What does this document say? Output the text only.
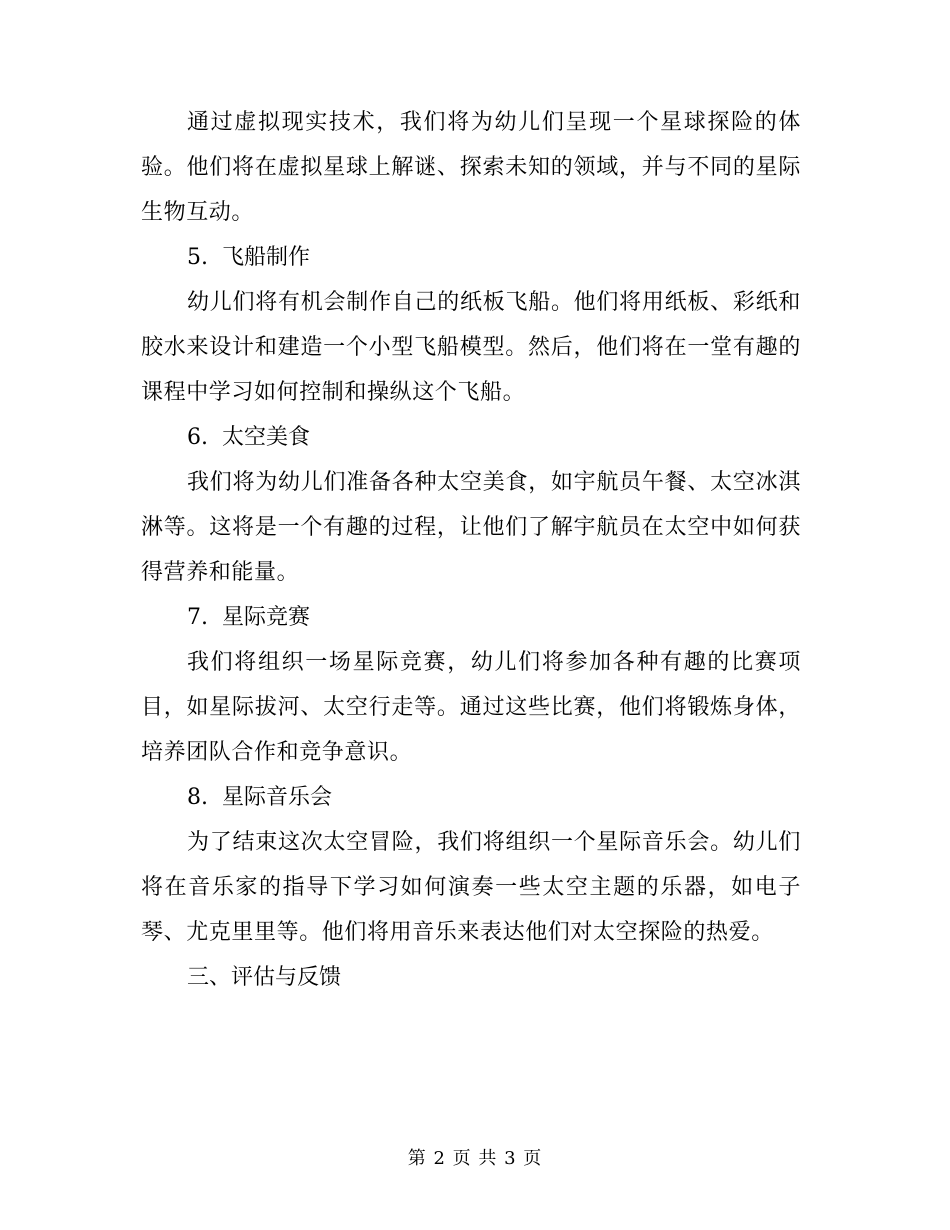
通过虚拟现实技术，我们将为幼儿们呈现一个星球探险的体验。他们将在虚拟星球上解谜、探索未知的领域，并与不同的星际生物互动。

5. 飞船制作

幼儿们将有机会制作自己的纸板飞船。他们将用纸板、彩纸和胶水来设计和建造一个小型飞船模型。然后，他们将在一堂有趣的课程中学习如何控制和操纵这个飞船。

6. 太空美食

我们将为幼儿们准备各种太空美食，如宇航员午餐、太空冰淇淋等。这将是一个有趣的过程，让他们了解宇航员在太空中如何获得营养和能量。

7. 星际竞赛

我们将组织一场星际竞赛，幼儿们将参加各种有趣的比赛项目，如星际拔河、太空行走等。通过这些比赛，他们将锻炼身体，培养团队合作和竞争意识。

8. 星际音乐会

为了结束这次太空冒险，我们将组织一个星际音乐会。幼儿们将在音乐家的指导下学习如何演奏一些太空主题的乐器，如电子琴、尤克里里等。他们将用音乐来表达他们对太空探险的热爱。

三、评估与反馈

第 2 页 共 3 页
